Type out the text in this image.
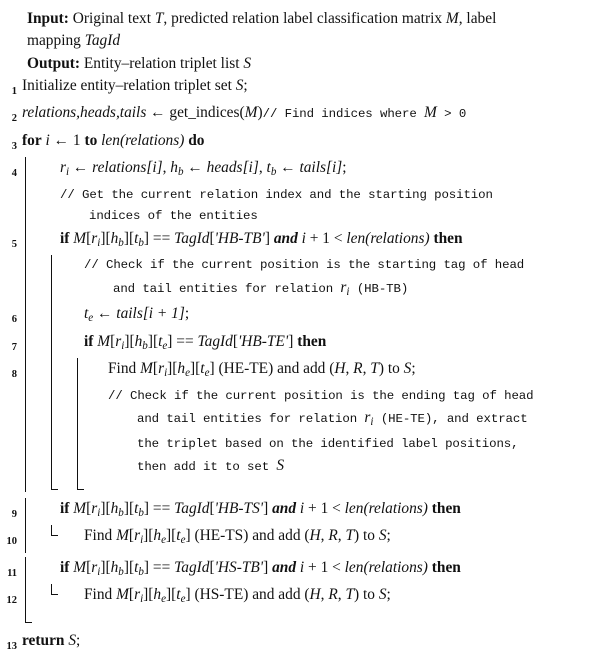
Input: Original text T, predicted relation label classification matrix M, label
mapping TagId
Output: Entity–relation triplet list S
1 Initialize entity–relation triplet set S;
2 relations,heads,tails ← get_indices(M)// Find indices where M > 0
3 for i ← 1 to len(relations) do
4	$r_i$ ← relations[i], $h_b$ ← heads[i], $t_b$ ← tails[i];
// Get the current relation index and the starting position
indices of the entities
5	if $M[r_i][h_b][t_b]$ == TagId['HB-TB'] and i + 1 < len(relations) then
// Check if the current position is the starting tag of head
and tail entities for relation $r_i$ (HB-TB)
6	$t_e$ ← tails[i + 1];
7	if $M[r_i][h_b][t_e]$ == TagId['HB-TE'] then
8	Find $M[r_i][h_e][t_e]$ (HE-TE) and add (H, R, T) to S;
// Check if the current position is the ending tag of head
and tail entities for relation $r_i$ (HE-TE), and extract
the triplet based on the identified label positions,
then add it to set S
9	if $M[r_i][h_b][t_b]$ == TagId['HB-TS'] and i + 1 < len(relations) then
10	Find $M[r_i][h_e][t_e]$ (HE-TS) and add (H, R, T) to S;
11	if $M[r_i][h_b][t_b]$ == TagId['HS-TB'] and i + 1 < len(relations) then
12	Find $M[r_i][h_e][t_e]$ (HS-TE) and add (H, R, T) to S;
13 return S;
